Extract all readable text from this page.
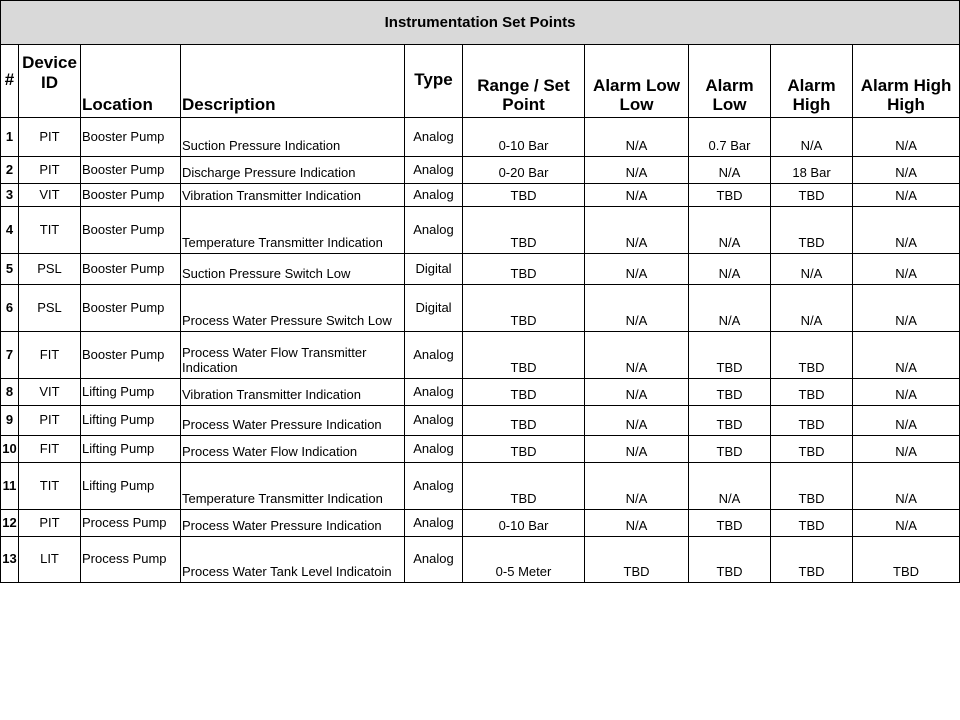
Instrumentation Set Points									
#	Device ID	Location	Description	Type	Range / Set Point	Alarm Low Low	Alarm Low	Alarm High	Alarm High High
1	PIT	Booster Pump	Suction Pressure Indication	Analog	0-10 Bar	N/A	0.7 Bar	N/A	N/A
2	PIT	Booster Pump	Discharge Pressure Indication	Analog	0-20 Bar	N/A	N/A	18 Bar	N/A
3	VIT	Booster Pump	Vibration Transmitter Indication	Analog	TBD	N/A	TBD	TBD	N/A
4	TIT	Booster Pump	Temperature Transmitter Indication	Analog	TBD	N/A	N/A	TBD	N/A
5	PSL	Booster Pump	Suction Pressure Switch Low	Digital	TBD	N/A	N/A	N/A	N/A
6	PSL	Booster Pump	Process Water Pressure Switch Low	Digital	TBD	N/A	N/A	N/A	N/A
7	FIT	Booster Pump	Process Water Flow Transmitter Indication	Analog	TBD	N/A	TBD	TBD	N/A
8	VIT	Lifting Pump	Vibration Transmitter Indication	Analog	TBD	N/A	TBD	TBD	N/A
9	PIT	Lifting Pump	Process Water Pressure Indication	Analog	TBD	N/A	TBD	TBD	N/A
10	FIT	Lifting Pump	Process Water Flow Indication	Analog	TBD	N/A	TBD	TBD	N/A
11	TIT	Lifting Pump	Temperature Transmitter Indication	Analog	TBD	N/A	N/A	TBD	N/A
12	PIT	Process Pump	Process Water Pressure Indication	Analog	0-10 Bar	N/A	TBD	TBD	N/A
13	LIT	Process Pump	Process Water Tank Level Indicatoin	Analog	0-5 Meter	TBD	TBD	TBD	TBD
